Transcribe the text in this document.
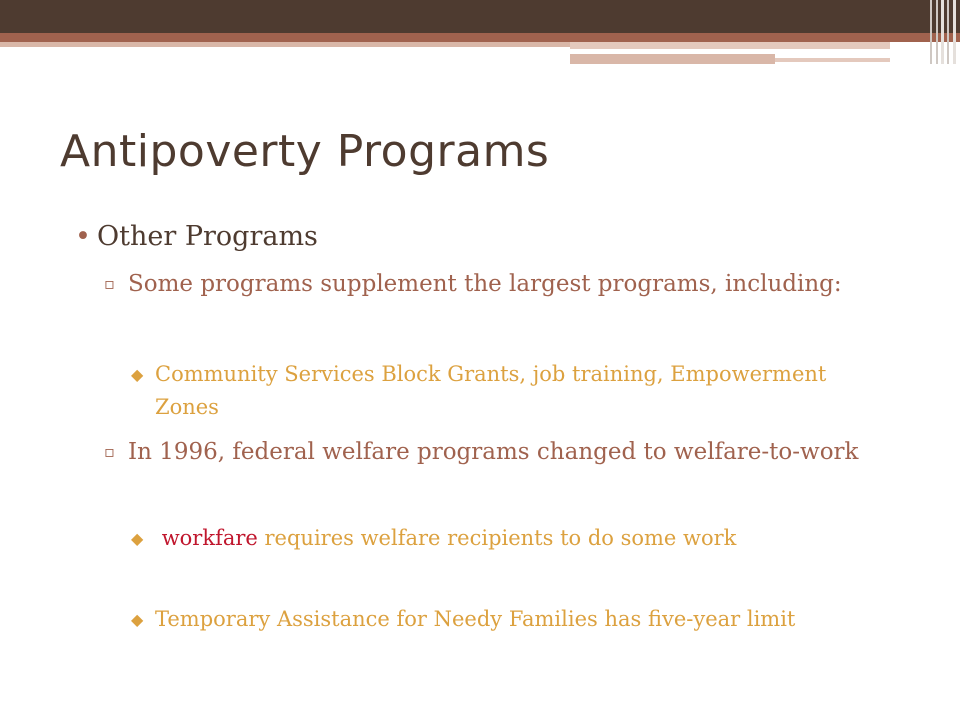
Antipoverty Programs
• Other Programs
▫ Some programs supplement the largest programs, including:
◆ Community Services Block Grants, job training, Empowerment Zones
▫ In 1996, federal welfare programs changed to welfare-to-work
◆ workfare requires welfare recipients to do some work
◆ Temporary Assistance for Needy Families has five-year limit
